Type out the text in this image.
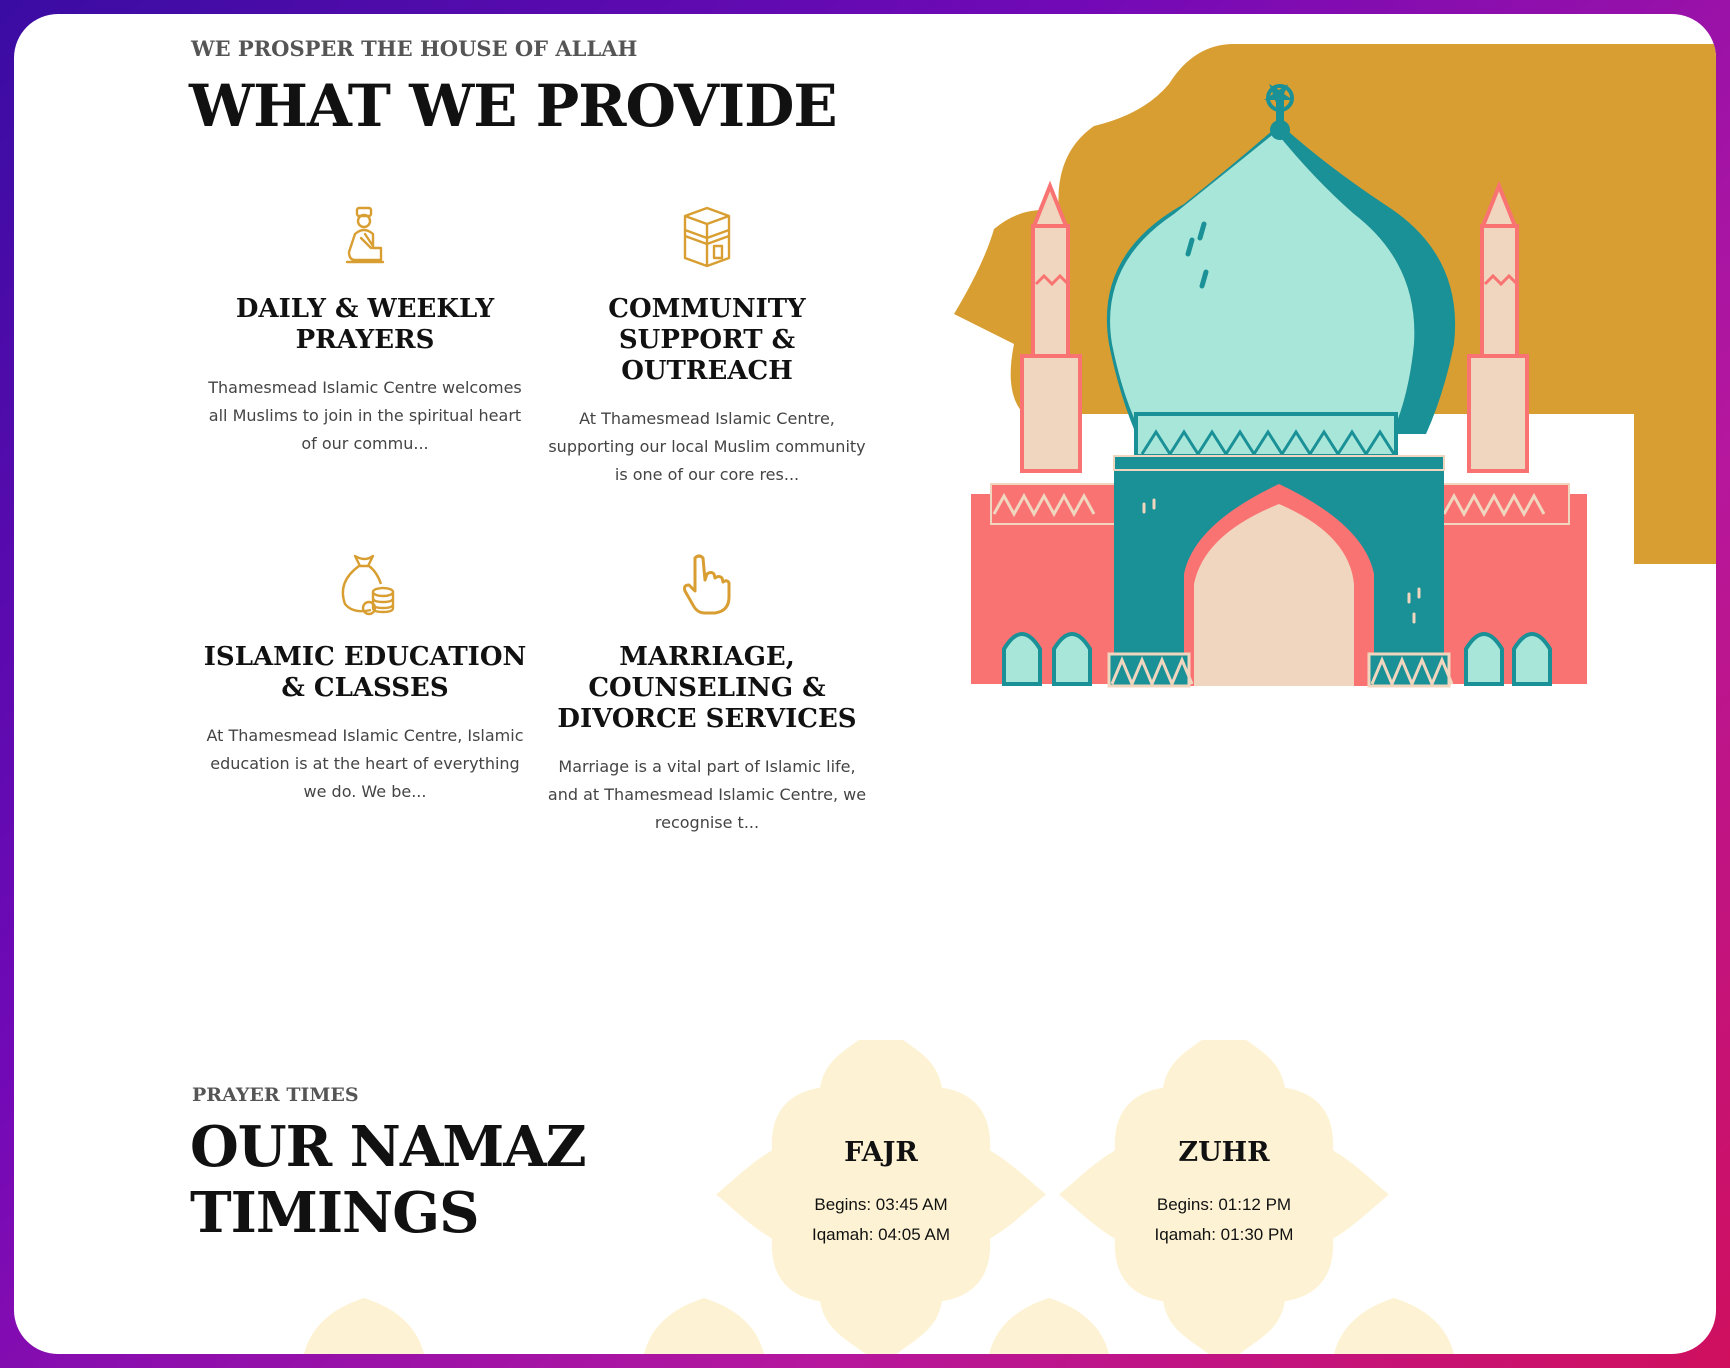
WE PROSPER THE HOUSE OF ALLAH
WHAT WE PROVIDE
DAILY & WEEKLY
PRAYERS

Thamesmead Islamic Centre welcomes all Muslims to join in the spiritual heart of our commu...

COMMUNITY
SUPPORT &
OUTREACH

At Thamesmead Islamic Centre, supporting our local Muslim community is one of our core res...

ISLAMIC EDUCATION
& CLASSES

At Thamesmead Islamic Centre, Islamic education is at the heart of everything we do. We be...

MARRIAGE,
COUNSELING &
DIVORCE SERVICES

Marriage is a vital part of Islamic life, and at Thamesmead Islamic Centre, we recognise t...

PRAYER TIMES
OUR NAMAZ
TIMINGS
FAJR
Begins: 03:45 AM
Iqamah: 04:05 AM
ZUHR
Begins: 01:12 PM
Iqamah: 01:30 PM
